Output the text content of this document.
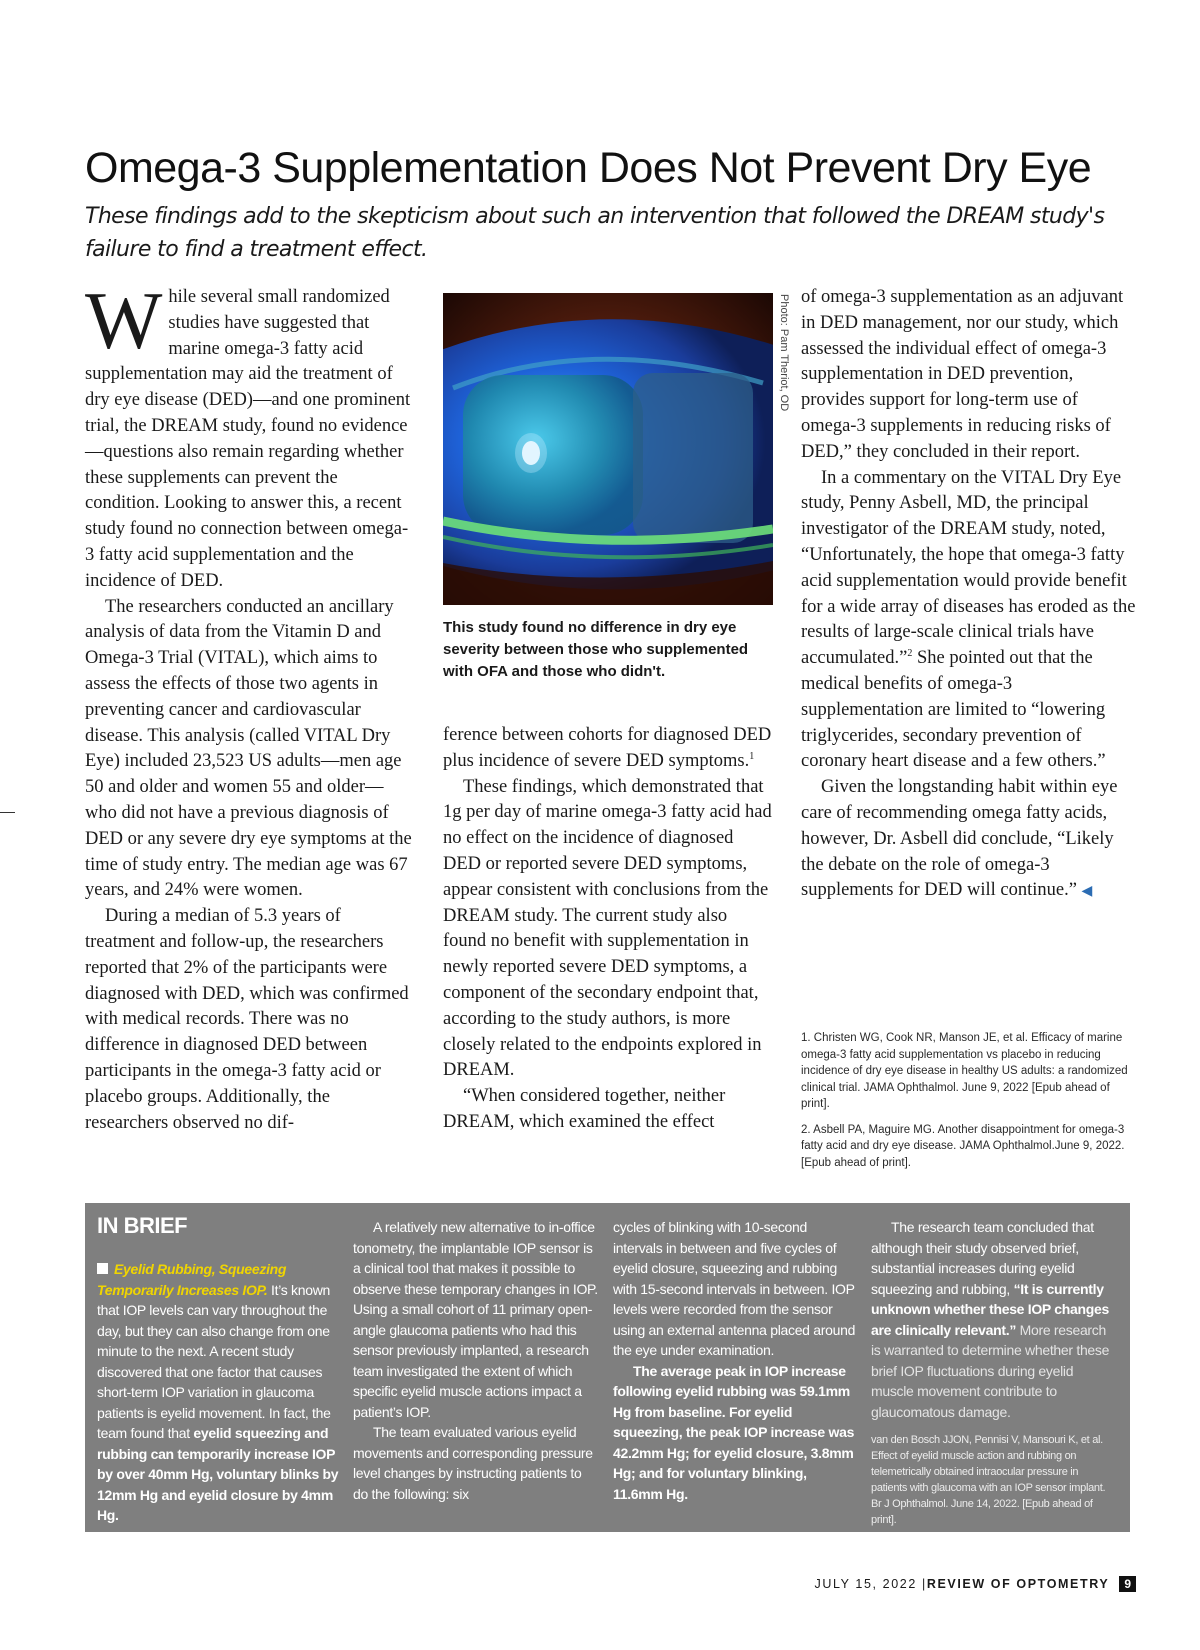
Omega-3 Supplementation Does Not Prevent Dry Eye

These findings add to the skepticism about such an intervention that followed the DREAM study's failure to find a treatment effect.

While several small randomized studies have suggested that marine omega-3 fatty acid supplementation may aid the treatment of dry eye disease (DED)—and one prominent trial, the DREAM study, found no evidence—questions also remain regarding whether these supplements can prevent the condition. Looking to answer this, a recent study found no connection between omega-3 fatty acid supplementation and the incidence of DED.

The researchers conducted an ancillary analysis of data from the Vitamin D and Omega-3 Trial (VITAL), which aims to assess the effects of those two agents in preventing cancer and cardiovascular disease. This analysis (called VITAL Dry Eye) included 23,523 US adults—men age 50 and older and women 55 and older—who did not have a previous diagnosis of DED or any severe dry eye symptoms at the time of study entry. The median age was 67 years, and 24% were women.

During a median of 5.3 years of treatment and follow-up, the researchers reported that 2% of the participants were diagnosed with DED, which was confirmed with medical records. There was no difference in diagnosed DED between participants in the omega-3 fatty acid or placebo groups. Additionally, the researchers observed no dif-

Photo: Pam Theriot, OD

This study found no difference in dry eye severity between those who supplemented with OFA and those who didn't.

ference between cohorts for diagnosed DED plus incidence of severe DED symptoms.$^1$

These findings, which demonstrated that 1g per day of marine omega-3 fatty acid had no effect on the incidence of diagnosed DED or reported severe DED symptoms, appear consistent with conclusions from the DREAM study. The current study also found no benefit with supplementation in newly reported severe DED symptoms, a component of the secondary endpoint that, according to the study authors, is more closely related to the endpoints explored in DREAM.

“When considered together, neither DREAM, which examined the effect

of omega-3 supplementation as an adjuvant in DED management, nor our study, which assessed the individual effect of omega-3 supplementation in DED prevention, provides support for long-term use of omega-3 supplements in reducing risks of DED,” they concluded in their report.

In a commentary on the VITAL Dry Eye study, Penny Asbell, MD, the principal investigator of the DREAM study, noted, “Unfortunately, the hope that omega-3 fatty acid supplementation would provide benefit for a wide array of diseases has eroded as the results of large-scale clinical trials have accumulated.”$^2$ She pointed out that the medical benefits of omega-3 supplementation are limited to “lowering triglycerides, secondary prevention of coronary heart disease and a few others.”

Given the longstanding habit within eye care of recommending omega fatty acids, however, Dr. Asbell did conclude, “Likely the debate on the role of omega-3 supplements for DED will continue.” ◀

1. Christen WG, Cook NR, Manson JE, et al. Efficacy of marine omega-3 fatty acid supplementation vs placebo in reducing incidence of dry eye disease in healthy US adults: a randomized clinical trial. JAMA Ophthalmol. June 9, 2022 [Epub ahead of print].

2. Asbell PA, Maguire MG. Another disappointment for omega-3 fatty acid and dry eye disease. JAMA Ophthalmol.June 9, 2022. [Epub ahead of print].

IN BRIEF

Eyelid Rubbing, Squeezing Temporarily Increases IOP. It’s known that IOP levels can vary throughout the day, but they can also change from one minute to the next. A recent study discovered that one factor that causes short-term IOP variation in glaucoma patients is eyelid movement. In fact, the team found that eyelid squeezing and rubbing can temporarily increase IOP by over 40mm Hg, voluntary blinks by 12mm Hg and eyelid closure by 4mm Hg.

A relatively new alternative to in-office tonometry, the implantable IOP sensor is a clinical tool that makes it possible to observe these temporary changes in IOP. Using a small cohort of 11 primary open-angle glaucoma patients who had this sensor previously implanted, a research team investigated the extent of which specific eyelid muscle actions impact a patient’s IOP.

The team evaluated various eyelid movements and corresponding pressure level changes by instructing patients to do the following: six

cycles of blinking with 10-second intervals in between and five cycles of eyelid closure, squeezing and rubbing with 15-second intervals in between. IOP levels were recorded from the sensor using an external antenna placed around the eye under examination.

The average peak in IOP increase following eyelid rubbing was 59.1mm Hg from baseline. For eyelid squeezing, the peak IOP increase was 42.2mm Hg; for eyelid closure, 3.8mm Hg; and for voluntary blinking, 11.6mm Hg.

The research team concluded that although their study observed brief, substantial increases during eyelid squeezing and rubbing, “It is currently unknown whether these IOP changes are clinically relevant.” More research is warranted to determine whether these brief IOP fluctuations during eyelid muscle movement contribute to glaucomatous damage.

van den Bosch JJON, Pennisi V, Mansouri K, et al. Effect of eyelid muscle action and rubbing on telemetrically obtained intraocular pressure in patients with glaucoma with an IOP sensor implant. Br J Ophthalmol. June 14, 2022. [Epub ahead of print].

JULY 15, 2022 | REVIEW OF OPTOMETRY	9
